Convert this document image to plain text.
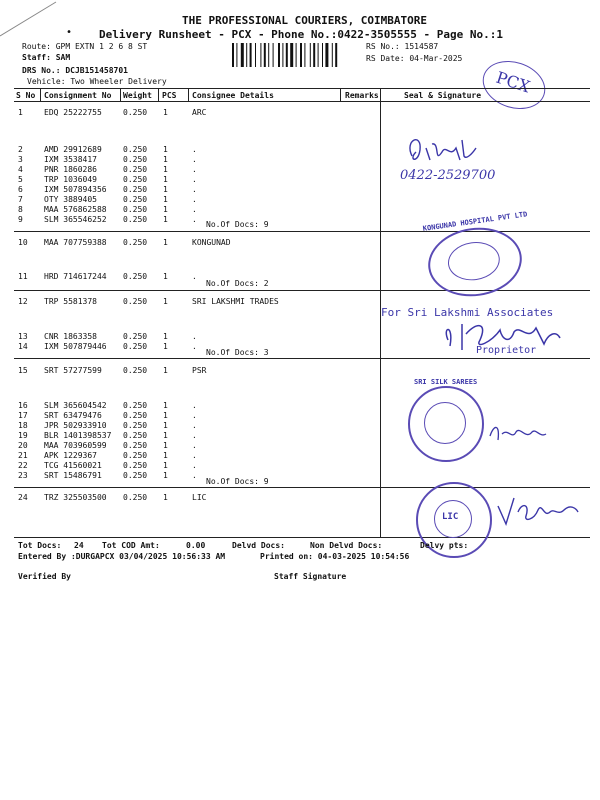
THE PROFESSIONAL COURIERS, COIMBATORE
Delivery Runsheet - PCX - Phone No.:0422-3505555 - Page No.:1
•
Route: GPM EXTN 1 2 6 8 ST
Staff: SAM
DRS No.: DCJB151458701
Vehicle: Two Wheeler Delivery
RS No.: 1514587
RS Date: 04-Mar-2025
PCX
S No Consignment No Weight PCS Consignee Details	Remarks	Seal & Signature
1	EDQ 25222755	0.250 1	ARC
2	AMD 29912689	0.250 1	.
3	IXM 3538417	0.250 1	.
4	PNR 1860286	0.250 1	.
5	TRP 1036049	0.250 1	.
6	IXM 507894356 0.250 1	.
7	OTY 3889405	0.250 1	.
8	MAA 576862588 0.250 1	.
9	SLM 365546252 0.250 1	.
No.Of Docs: 9
10 MAA 707759388 0.250 1	KONGUNAD
11 HRD 714617244 0.250 1	.
No.Of Docs: 2
12 TRP 5581378	0.250 1	SRI LAKSHMI TRADES
13 CNR 1863358	0.250 1	.
14 IXM 507879446 0.250 1	.
No.Of Docs: 3
15 SRT 57277599	0.250 1	PSR
16 SLM 365604542 0.250 1	.
17 SRT 63479476	0.250 1	.
18 JPR 502933910 0.250 1	.
19 BLR 1401398537 0.250 1	.
20 MAA 703960599 0.250 1	.
21 APK 1229367	0.250 1	.
22 TCG 41560021	0.250 1	.
23 SRT 15486791	0.250 1	.
No.Of Docs: 9
24 TRZ 325503500 0.250 1	LIC
0422-2529700
KONGUNAD HOSPITAL PVT LTD
For Sri Lakshmi Associates
Proprietor
SRI SILK SAREES
LIC
Tot Docs: 24 Tot COD Amt:	0.00	Delvd Docs:	Non Delvd Docs:	Delvy pts:
Entered By :DURGAPCX 03/04/2025 10:56:33 AM	Printed on: 04-03-2025 10:54:56
Verified By	Staff Signature
